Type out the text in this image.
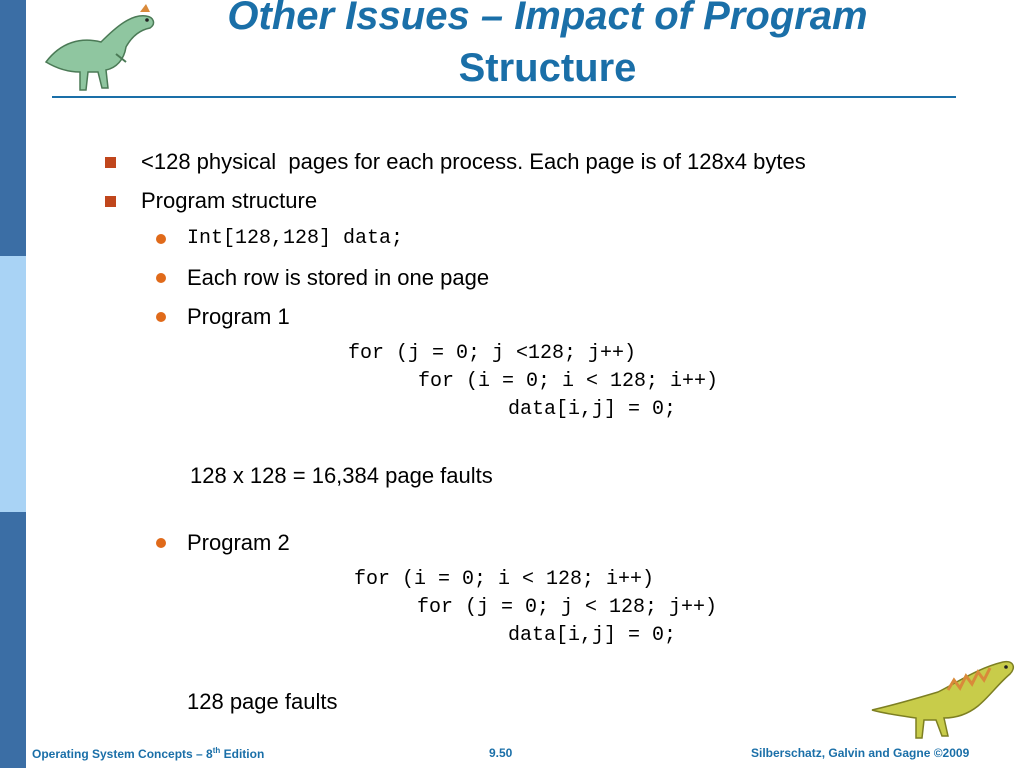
Other Issues – Impact of Program
Structure
<128 physical  pages for each process. Each page is of 128x4 bytes
Program structure
Int[128,128] data;
Each row is stored in one page
Program 1
for (j = 0; j <128; j++)
for (i = 0; i < 128; i++)
data[i,j] = 0;
128 x 128 = 16,384 page faults
Program 2
for (i = 0; i < 128; i++)
for (j = 0; j < 128; j++)
data[i,j] = 0;
128 page faults
Operating System Concepts – 8th Edition	9.50	Silberschatz, Galvin and Gagne ©2009
